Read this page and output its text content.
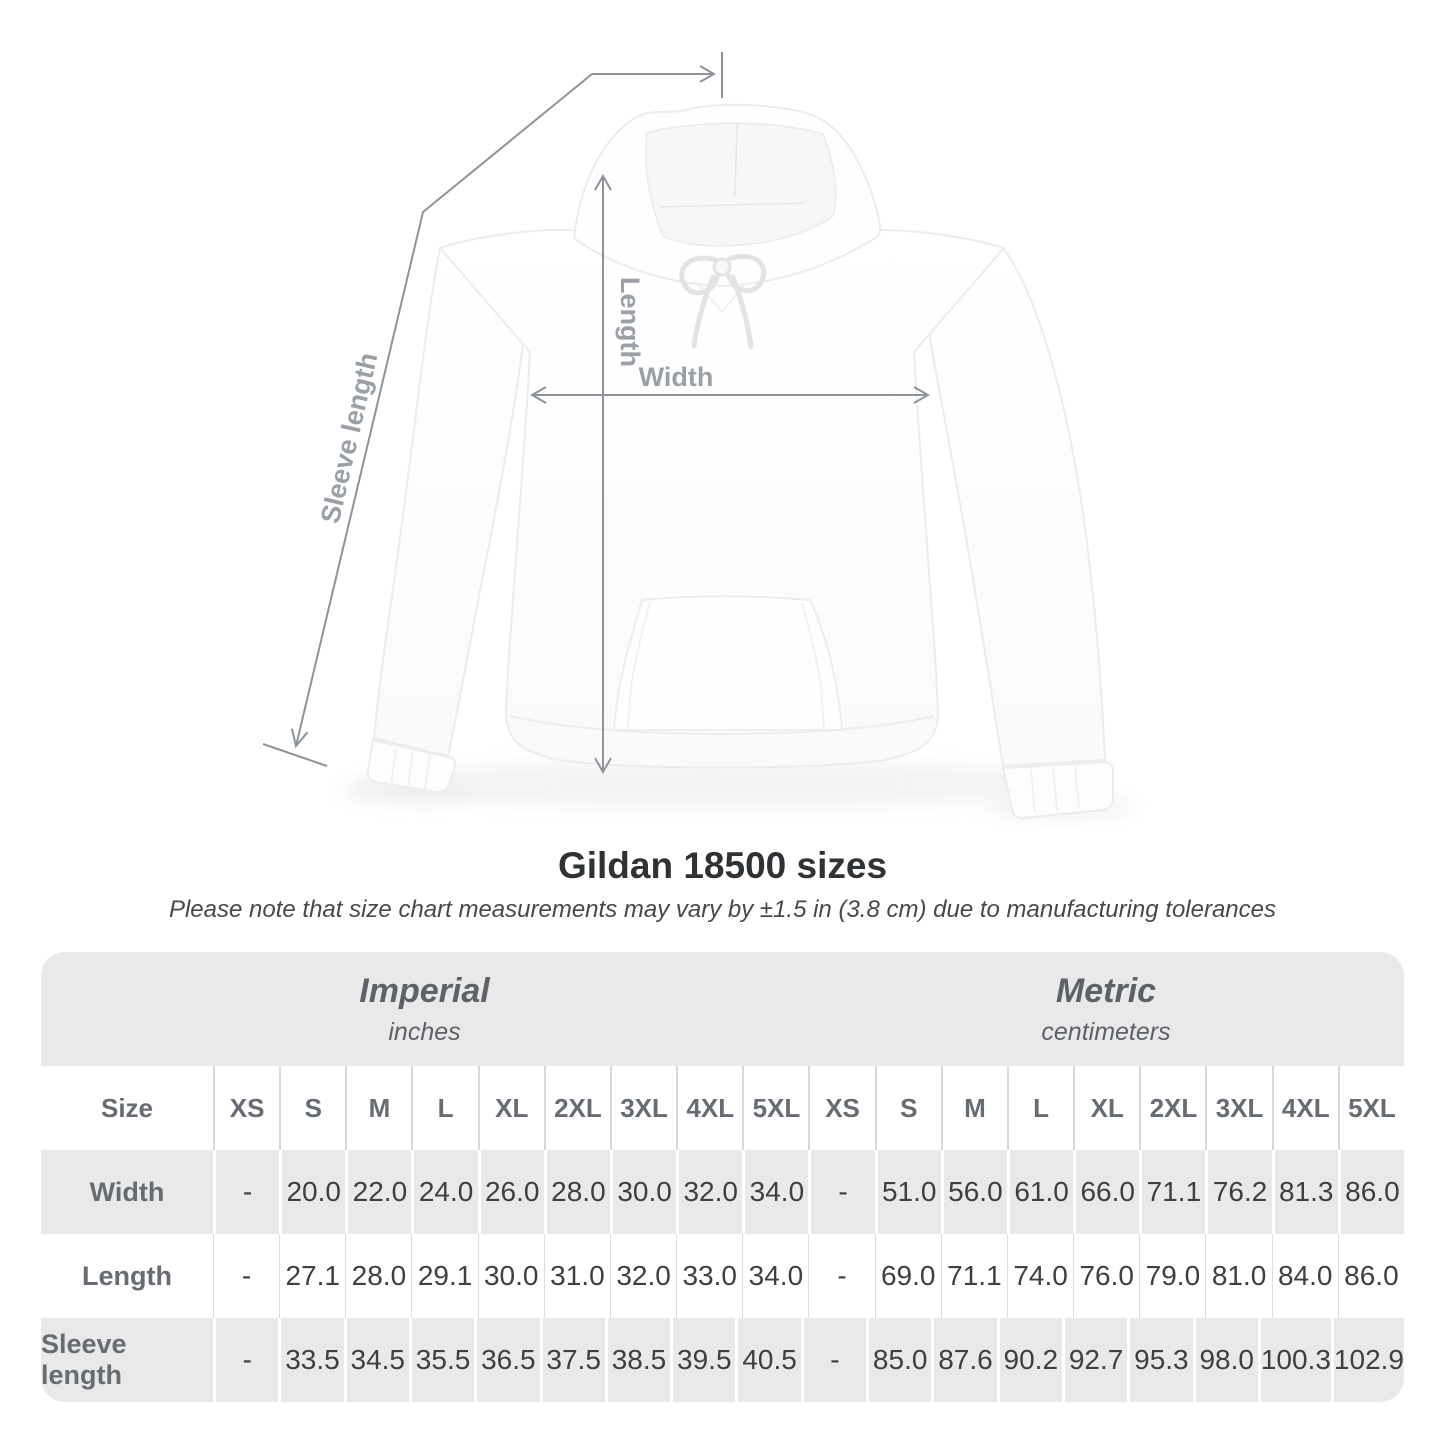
Length
Width
Sleeve length
Gildan 18500 sizes
Please note that size chart measurements may vary by ±1.5 in (3.8 cm) due to manufacturing tolerances
Imperial
inches
Metric
centimeters
Size	XS	S	M	L	XL 2XL 3XL 4XL 5XL XS	S	M	L	XL 2XL 3XL 4XL 5XL
Width	-	20.0 22.0 24.0 26.0 28.0 30.0 32.0 34.0	-	51.0 56.0 61.0 66.0 71.1 76.2 81.3 86.0
Length	-	27.1 28.0 29.1 30.0 31.0 32.0 33.0 34.0	-	69.0 71.1 74.0 76.0 79.0 81.0 84.0 86.0
Sleeve length	-	33.5 34.5 35.5 36.5 37.5 38.5 39.5 40.5	-	85.0 87.6 90.2 92.7 95.3 98.0 100.3 102.9
